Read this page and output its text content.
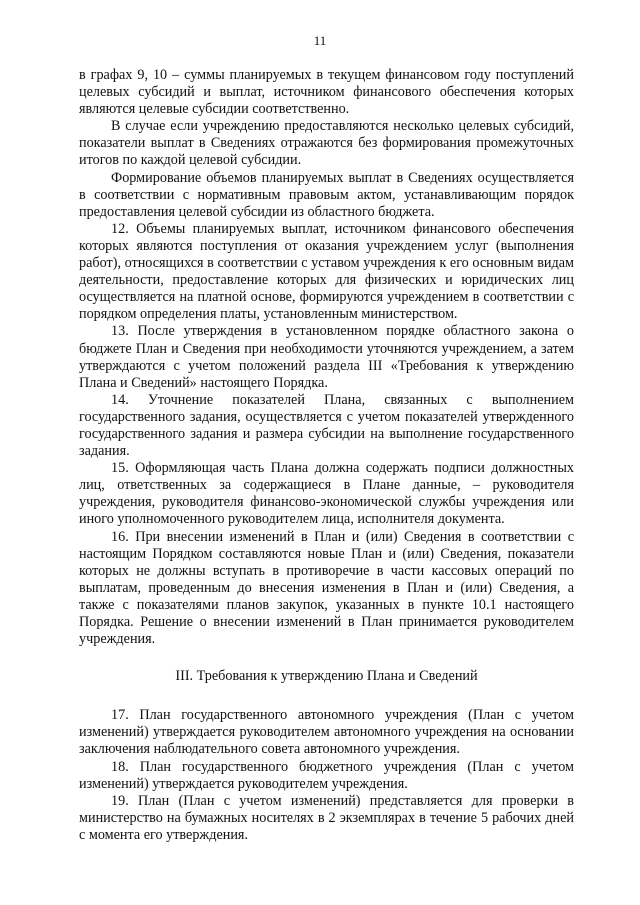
11

в графах 9, 10 – суммы планируемых в текущем финансовом году поступлений целевых субсидий и выплат, источником финансового обеспечения которых являются целевые субсидии соответственно.

В случае если учреждению предоставляются несколько целевых субсидий, показатели выплат в Сведениях отражаются без формирования промежуточных итогов по каждой целевой субсидии.

Формирование объемов планируемых выплат в Сведениях осуществляется в соответствии с нормативным правовым актом, устанавливающим порядок предоставления целевой субсидии из областного бюджета.

12. Объемы планируемых выплат, источником финансового обеспечения которых являются поступления от оказания учреждением услуг (выполнения работ), относящихся в соответствии с уставом учреждения к его основным видам деятельности, предоставление которых для физических и юридических лиц осуществляется на платной основе, формируются учреждением в соответствии с порядком определения платы, установленным министерством.

13. После утверждения в установленном порядке областного закона о бюджете План и Сведения при необходимости уточняются учреждением, а затем утверждаются с учетом положений раздела III «Требования к утверждению Плана и Сведений» настоящего Порядка.

14. Уточнение показателей Плана, связанных с выполнением государственного задания, осуществляется с учетом показателей утвержденного государственного задания и размера субсидии на выполнение государственного задания.

15. Оформляющая часть Плана должна содержать подписи должностных лиц, ответственных за содержащиеся в Плане данные, – руководителя учреждения, руководителя финансово-экономической службы учреждения или иного уполномоченного руководителем лица, исполнителя документа.

16. При внесении изменений в План и (или) Сведения в соответствии с настоящим Порядком составляются новые План и (или) Сведения, показатели которых не должны вступать в противоречие в части кассовых операций по выплатам, проведенным до внесения изменения в План и (или) Сведения, а также с показателями планов закупок, указанных в пункте 10.1 настоящего Порядка. Решение о внесении изменений в План принимается руководителем учреждения.

III. Требования к утверждению Плана и Сведений

17. План государственного автономного учреждения (План с учетом изменений) утверждается руководителем автономного учреждения на основании заключения наблюдательного совета автономного учреждения.

18. План государственного бюджетного учреждения (План с учетом изменений) утверждается руководителем учреждения.

19. План (План с учетом изменений) представляется для проверки в министерство на бумажных носителях в 2 экземплярах в течение 5 рабочих дней с момента его утверждения.
